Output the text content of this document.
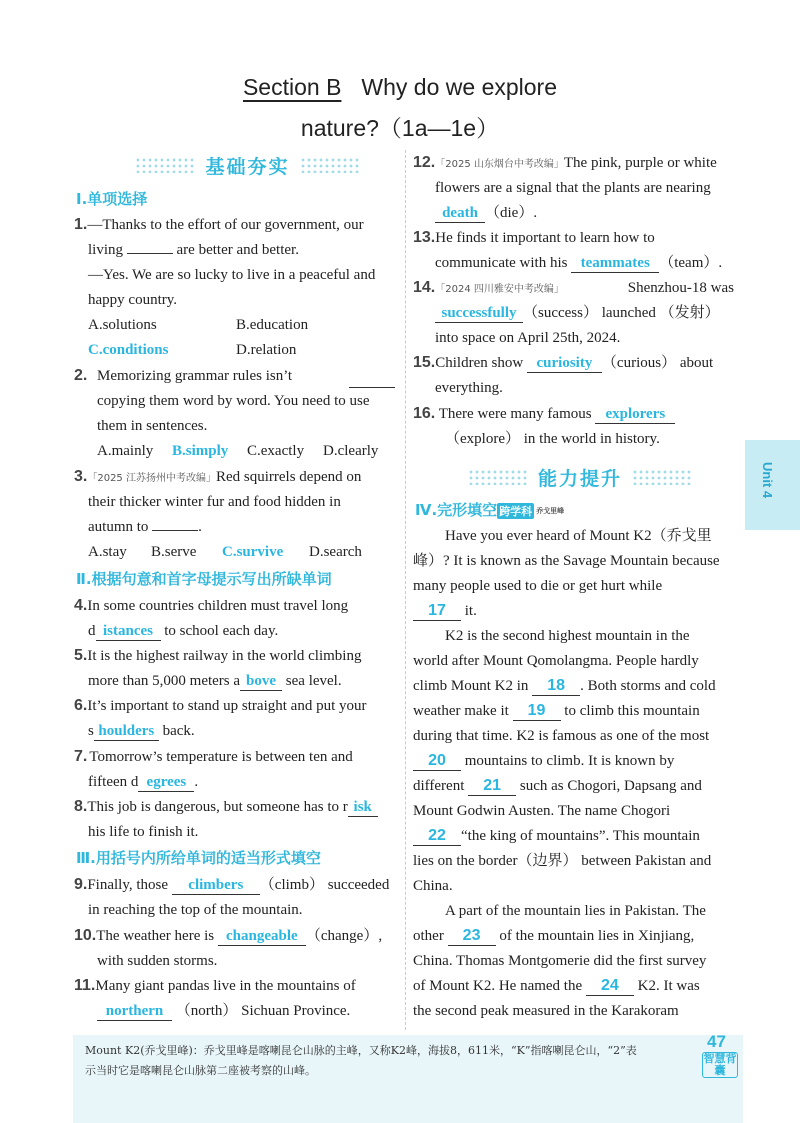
Section B Why do we explore
nature?（1a—1e）
基础夯实
Ⅰ.单项选择
1.—Thanks to the effort of our government, our
living	are better and better.
—Yes. We are so lucky to live in a peaceful and
happy country.
A.solutions	B.education
C.conditions	D.relation
2. Memorizing grammar rules isn’t
copying them word by word. You need to use
them in sentences.
A.mainly B.simply C.exactly D.clearly
3.「2025 江苏扬州中考改编」Red squirrels depend on
their thicker winter fur and food hidden in
autumn to	.
A.stay B.serve C.survive D.search
Ⅱ.根据句意和首字母提示写出所缺单词
4.In some countries children must travel long
d istances to school each day.
5.It is the highest railway in the world climbing
more than 5,000 meters a bove sea level.
6.It’s important to stand up straight and put your
s houlders back.
7. Tomorrow’s temperature is between ten and
fifteen d egrees .
8.This job is dangerous, but someone has to r isk
his life to finish it.
Ⅲ.用括号内所给单词的适当形式填空
9.Finally, those climbers （climb） succeeded
in reaching the top of the mountain.
10.The weather here is changeable （change）,
with sudden storms.
11.Many giant pandas live in the mountains of
northern （north） Sichuan Province.
12.「2025 山东烟台中考改编」The pink, purple or white
flowers are a signal that the plants are nearing
death （die）.
13.He finds it important to learn how to
communicate with his teammates （team）.
14.「2024 四川雅安中考改编」	Shenzhou-18 was
successfully （success） launched （发射）
into space on April 25th, 2024.
15.Children show curiosity （curious） about
everything.
16. There were many famous explorers
（explore） in the world in history.
能力提升
Ⅳ.完形填空 跨学科 乔戈里峰
Have you ever heard of Mount K2（乔戈里
峰）? It is known as the Savage Mountain because
many people used to die or get hurt while
17 it.
K2 is the second highest mountain in the
world after Mount Qomolangma. People hardly
climb Mount K2 in 18 . Both storms and cold
weather make it 19 to climb this mountain
during that time. K2 is famous as one of the most
20 mountains to climb. It is known by
different 21 such as Chogori, Dapsang and
Mount Godwin Austen. The name Chogori
22 “the king of mountains”. This mountain
lies on the border（边界） between Pakistan and
China.
A part of the mountain lies in Pakistan. The
other 23 of the mountain lies in Xinjiang,
China. Thomas Montgomerie did the first survey
of Mount K2. He named the 24 K2. It was
the second peak measured in the Karakoram
Unit 4
Mount K2(乔戈里峰)：乔戈里峰是喀喇昆仑山脉的主峰，又称K2峰，海拔8，611米，“K”指喀喇昆仑山，“2”表
示当时它是喀喇昆仑山脉第二座被考察的山峰。
47
智慧背囊
